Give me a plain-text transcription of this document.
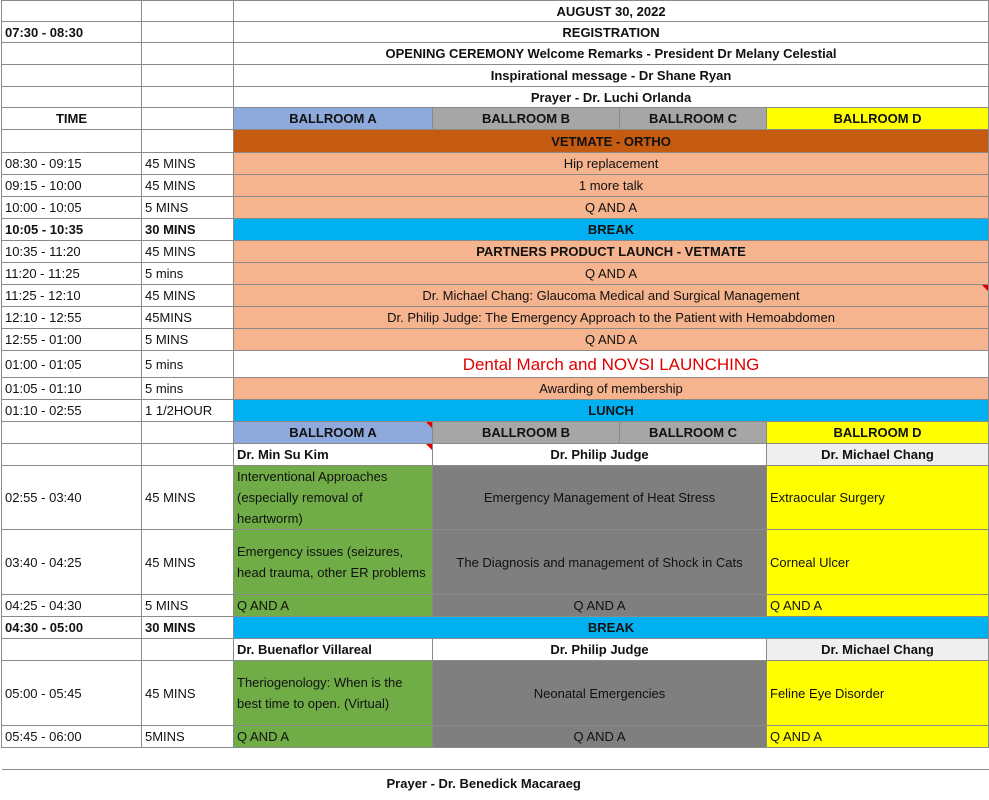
		AUGUST 30, 2022			
07:30 - 08:30		REGISTRATION			
		OPENING CEREMONY Welcome Remarks - President Dr Melany Celestial			
		Inspirational message - Dr Shane Ryan			
		Prayer - Dr. Luchi Orlanda			
TIME		BALLROOM A	BALLROOM B	BALLROOM C	BALLROOM D
		VETMATE - ORTHO			
08:30 - 09:15	45 MINS	Hip replacement			
09:15 - 10:00	45 MINS	1 more talk			
10:00 - 10:05	5 MINS	Q AND A			
10:05 - 10:35	30 MINS	BREAK			
10:35 - 11:20	45 MINS	PARTNERS PRODUCT LAUNCH - VETMATE			
11:20 - 11:25	5 mins	Q AND A			
11:25 - 12:10	45 MINS	Dr. Michael Chang: Glaucoma Medical and Surgical Management			
12:10 - 12:55	45MINS	Dr. Philip Judge: The Emergency Approach to the Patient with Hemoabdomen			
12:55 - 01:00	5 MINS	Q AND A			
01:00 - 01:05	5 mins	Dental March and NOVSI LAUNCHING			
01:05 - 01:10	5 mins	Awarding of membership			
01:10 - 02:55	1 1/2HOUR	LUNCH			
		BALLROOM A	BALLROOM B	BALLROOM C	BALLROOM D
		Dr. Min Su Kim	Dr. Philip Judge		Dr. Michael Chang
02:55 - 03:40	45 MINS	Interventional Approaches (especially removal of heartworm)	Emergency Management of Heat Stress		Extraocular Surgery
03:40 - 04:25	45 MINS	Emergency issues (seizures, head trauma, other ER problems	The Diagnosis and management of Shock in Cats		Corneal Ulcer
04:25 - 04:30	5 MINS	Q AND A	Q AND A		Q AND A
04:30 - 05:00	30 MINS	BREAK			
		Dr. Buenaflor Villareal	Dr. Philip Judge		Dr. Michael Chang
05:00 - 05:45	45 MINS	Theriogenology: When is the best time to open. (Virtual)	Neonatal Emergencies		Feline Eye Disorder
05:45 - 06:00	5MINS	Q AND A	Q AND A		Q AND A

Prayer - Dr. Benedick Macaraeg					
